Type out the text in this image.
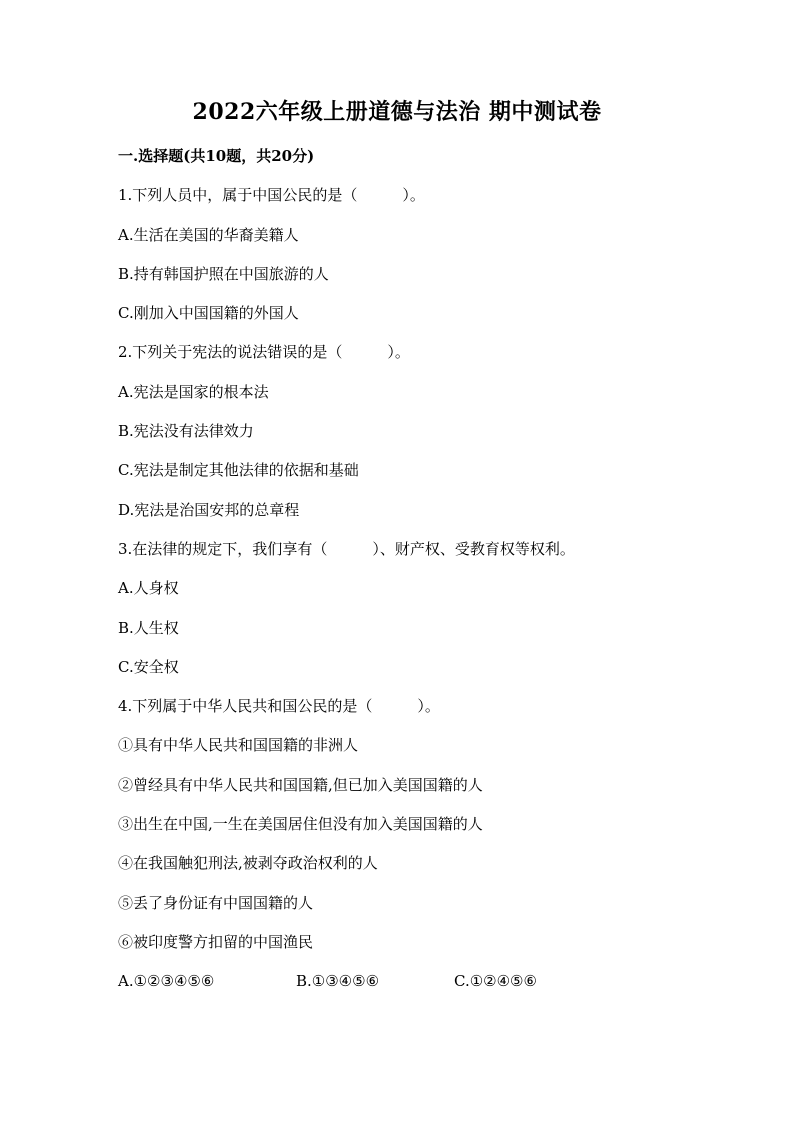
2022六年级上册道德与法治 期中测试卷
一.选择题(共10题，共20分)
1.下列人员中，属于中国公民的是（　　　）。
A.生活在美国的华裔美籍人
B.持有韩国护照在中国旅游的人
C.刚加入中国国籍的外国人
2.下列关于宪法的说法错误的是（　　　）。
A.宪法是国家的根本法
B.宪法没有法律效力
C.宪法是制定其他法律的依据和基础
D.宪法是治国安邦的总章程
3.在法律的规定下，我们享有（　　　）、财产权、受教育权等权利。
A.人身权
B.人生权
C.安全权
4.下列属于中华人民共和国公民的是（　　　）。
①具有中华人民共和国国籍的非洲人
②曾经具有中华人民共和国国籍,但已加入美国国籍的人
③出生在中国,一生在美国居住但没有加入美国国籍的人
④在我国触犯刑法,被剥夺政治权利的人
⑤丢了身份证有中国国籍的人
⑥被印度警方扣留的中国渔民
A.①②③④⑤⑥	B.①③④⑤⑥	C.①②④⑤⑥
